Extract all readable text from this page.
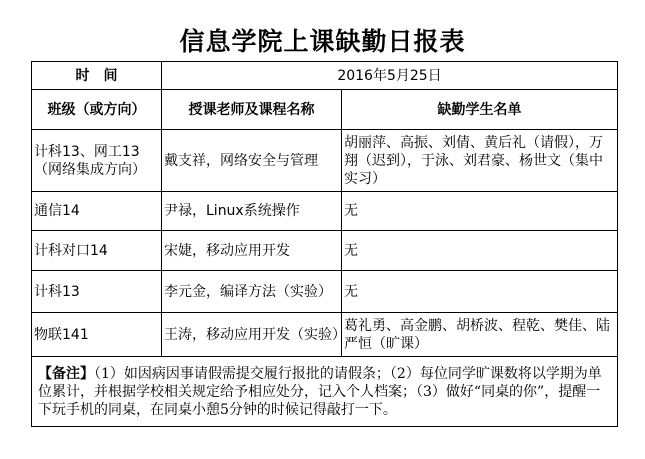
信息学院上课缺勤日报表
时　间	2016年5月25日	
班级（或方向）	授课老师及课程名称	缺勤学生名单
计科13、网工13（网络集成方向）	戴支祥，网络安全与管理	胡丽萍、高振、刘倩、黄后礼（请假），万翔（迟到），于泳、刘君豪、杨世文（集中实习）
通信14	尹禄，Linux系统操作	无
计科对口14	宋婕，移动应用开发	无
计科13	李元金，编译方法（实验）	无
物联141	王涛，移动应用开发（实验）	葛礼勇、高金鹏、胡桥波、程乾、樊佳、陆严恒（旷课）
【备注】（1）如因病因事请假需提交履行报批的请假条；（2）每位同学旷课数将以学期为单位累计，并根据学校相关规定给予相应处分，记入个人档案；（3）做好“同桌的你”，提醒一下玩手机的同桌，在同桌小憩5分钟的时候记得敲打一下。		
